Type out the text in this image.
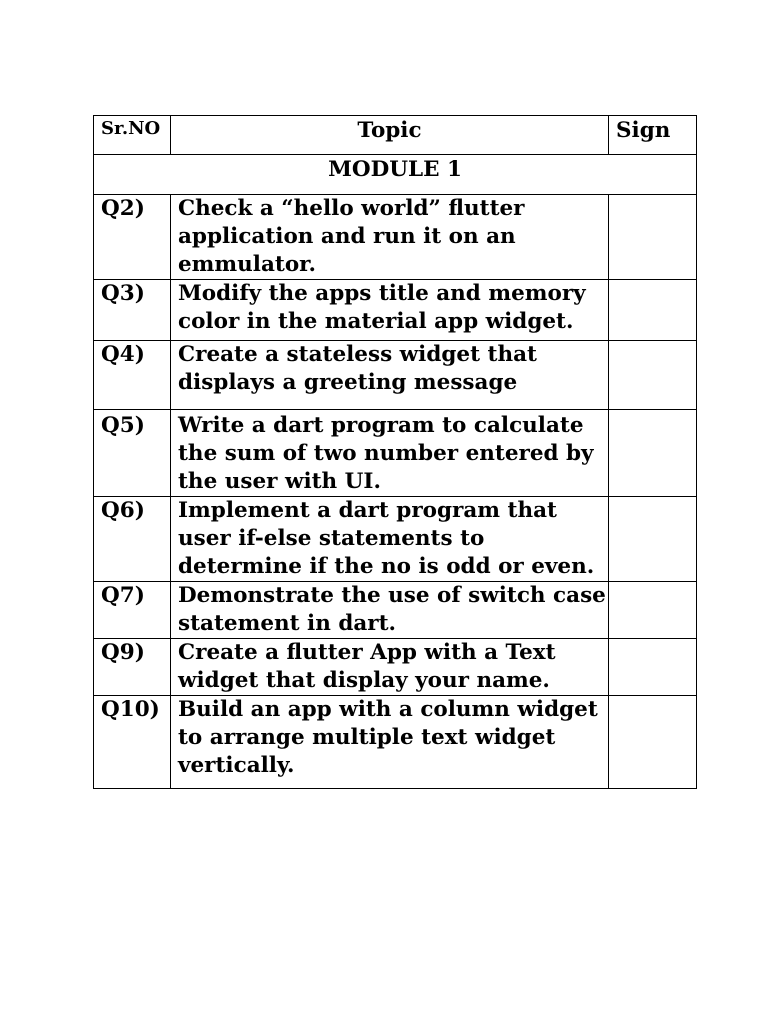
Sr.NO	Topic	Sign
MODULE 1		
Q2)	Check a “hello world” flutter application and run it on an emmulator.	
Q3)	Modify the apps title and memory color in the material app widget.	
Q4)	Create a stateless widget that displays a greeting message	
Q5)	Write a dart program to calculate the sum of two number entered by the user with UI.	
Q6)	Implement a dart program that user if-else statements to determine if the no is odd or even.	
Q7)	Demonstrate the use of switch case statement in dart.	
Q9)	Create a flutter App with a Text widget that display your name.	
Q10)	Build an app with a column widget to arrange multiple text widget vertically.	
